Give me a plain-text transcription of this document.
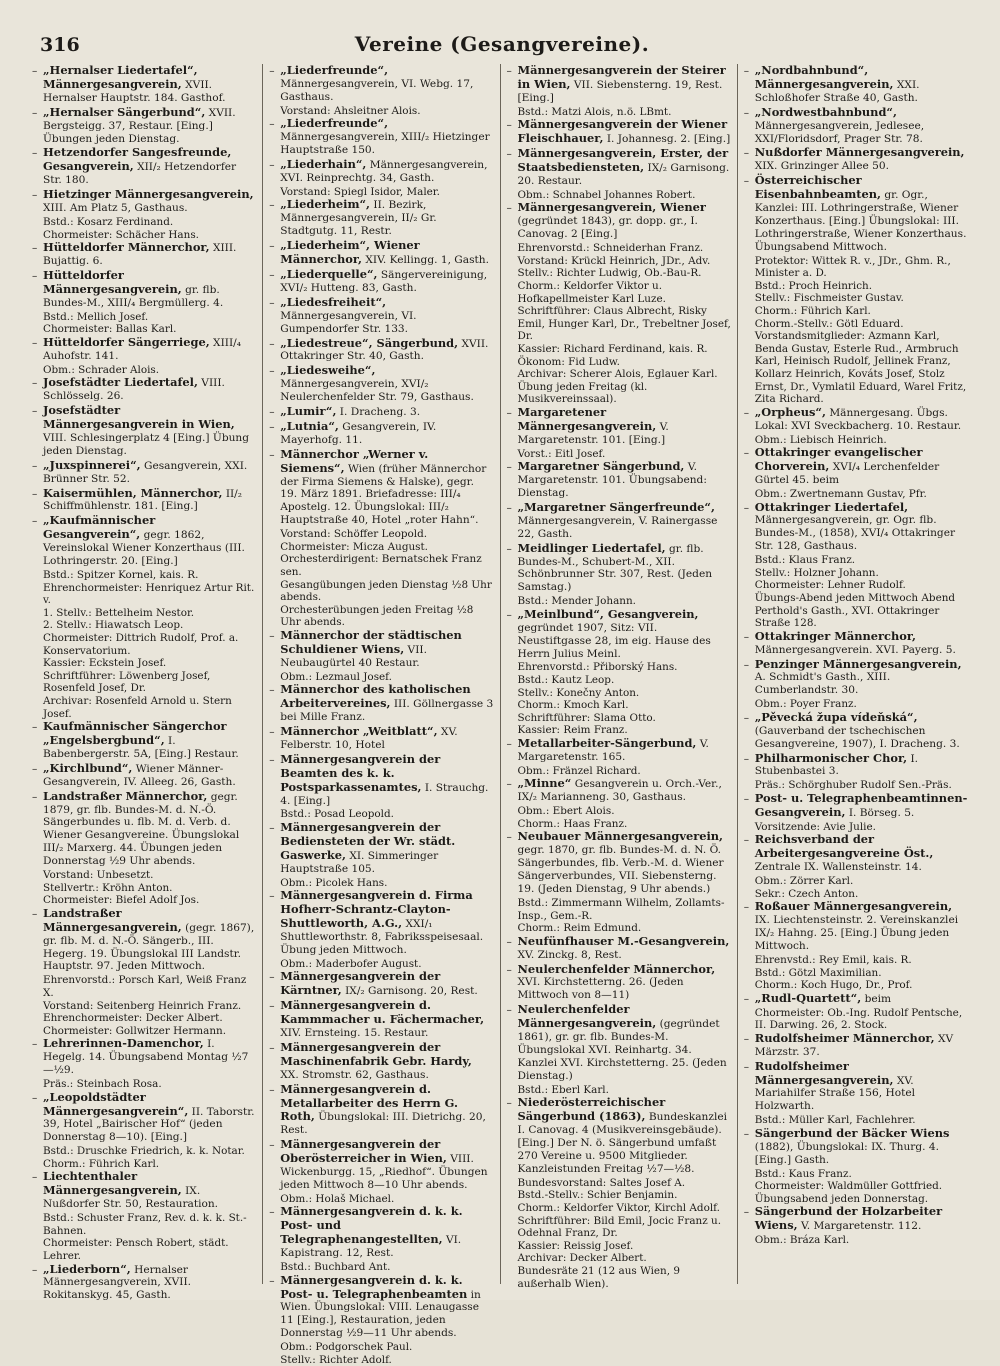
316	Vereine (Gesangvereine).
– „Hernalser Liedertafel“, Männergesangverein, XVII. Hernalser Hauptstr. 184. Gasthof.
– „Hernalser Sängerbund“, XVII. Bergsteigg. 37, Restaur. [Eing.] Übungen jeden Dienstag.
– Hetzendorfer Sangesfreunde, Gesangverein, XII/₂ Hetzendorfer Str. 180.
– Hietzinger Männergesangverein, XIII. Am Platz 5, Gasthaus.
Bstd.: Kosarz Ferdinand.
Chormeister: Schächer Hans.
– Hütteldorfer Männerchor, XIII. Bujattig. 6.
– Hütteldorfer Männergesangverein, gr. flb. Bundes-M., XIII/₄ Bergmüllerg. 4.
Bstd.: Mellich Josef.
Chormeister: Ballas Karl.
– Hütteldorfer Sängerriege, XIII/₄ Auhofstr. 141.
Obm.: Schrader Alois.
– Josefstädter Liedertafel, VIII. Schlösselg. 26.
– Josefstädter Männergesangverein in Wien, VIII. Schlesingerplatz 4 [Eing.] Übung jeden Dienstag.
– „Juxspinnerei“, Gesangverein, XXI. Brünner Str. 52.
– Kaisermühlen, Männerchor, II/₂ Schiffmühlenstr. 181. [Eing.]
– „Kaufmännischer Gesangverein“, gegr. 1862, Vereinslokal Wiener Konzerthaus (III. Lothringerstr. 20. [Eing.]
Bstd.: Spitzer Kornel, kais. R.
Ehrenchormeister: Henriquez Artur Rit. v.
1. Stellv.: Bettelheim Nestor.
2. Stellv.: Hiawatsch Leop.
Chormeister: Dittrich Rudolf, Prof. a. Konservatorium.
Kassier: Eckstein Josef.
Schriftführer: Löwenberg Josef, Rosenfeld Josef, Dr.
Archivar: Rosenfeld Arnold u. Stern Josef.
– Kaufmännischer Sängerchor „Engelsbergbund“, I. Babenbergerstr. 5A, [Eing.] Restaur.
– „Kirchlbund“, Wiener Männer-Gesangverein, IV. Alleeg. 26, Gasth.
– Landstraßer Männerchor, gegr. 1879, gr. flb. Bundes-M. d. N.-Ö. Sängerbundes u. flb. M. d. Verb. d. Wiener Gesangvereine. Übungslokal III/₂ Marxerg. 44. Übungen jeden Donnerstag ½9 Uhr abends.
Vorstand: Unbesetzt.
Stellvertr.: Kröhn Anton.
Chormeister: Biefel Adolf Jos.
– Landstraßer Männergesangverein, (gegr. 1867), gr. flb. M. d. N.-Ö. Sängerb., III. Hegerg. 19. Übungslokal III Landstr. Hauptstr. 97. Jeden Mittwoch.
Ehrenvorstd.: Porsch Karl, Weiß Franz X.
Vorstand: Seitenberg Heinrich Franz.
Ehrenchormeister: Decker Albert.
Chormeister: Gollwitzer Hermann.
– Lehrerinnen-Damenchor, I. Hegelg. 14. Übungsabend Montag ½7—½9.
Präs.: Steinbach Rosa.
– „Leopoldstädter Männergesangverein“, II. Taborstr. 39, Hotel „Bairischer Hof“ (jeden Donnerstag 8—10). [Eing.]
Bstd.: Druschke Friedrich, k. k. Notar.
Chorm.: Führich Karl.
– Liechtenthaler Männergesangverein, IX. Nußdorfer Str. 50, Restauration.
Bstd.: Schuster Franz, Rev. d. k. k. St.-Bahnen.
Chormeister: Pensch Robert, städt. Lehrer.
– „Liederborn“, Hernalser Männergesangverein, XVII. Rokitanskyg. 45, Gasth.
– „Liederfreunde“, Männergesangverein, VI. Webg. 17, Gasthaus.
Vorstand: Ahsleitner Alois.
– „Liederfreunde“, Männergesangverein, XIII/₂ Hietzinger Hauptstraße 150.
– „Liederhain“, Männergesangverein, XVI. Reinprechtg. 34, Gasth.
Vorstand: Spiegl Isidor, Maler.
– „Liederheim“, II. Bezirk, Männergesangverein, II/₂ Gr. Stadtgutg. 11, Restr.
– „Liederheim“, Wiener Männerchor, XIV. Kellingg. 1, Gasth.
– „Liederquelle“, Sängervereinigung, XVI/₂ Hutteng. 83, Gasth.
– „Liedesfreiheit“, Männergesangverein, VI. Gumpendorfer Str. 133.
– „Liedestreue“, Sängerbund, XVII. Ottakringer Str. 40, Gasth.
– „Liedesweihe“, Männergesangverein, XVI/₂ Neulerchenfelder Str. 79, Gasthaus.
– „Lumir“, I. Dracheng. 3.
– „Lutnia“, Gesangverein, IV. Mayerhofg. 11.
– Männerchor „Werner v. Siemens“, Wien (früher Männerchor der Firma Siemens & Halske), gegr. 19. März 1891. Briefadresse: III/₄ Apostelg. 12. Übungslokal: III/₂ Hauptstraße 40, Hotel „roter Hahn“.
Vorstand: Schöffer Leopold.
Chormeister: Micza August.
Orchesterdirigent: Bernatschek Franz sen.
Gesangübungen jeden Dienstag ½8 Uhr abends.
Orchesterübungen jeden Freitag ½8 Uhr abends.
– Männerchor der städtischen Schuldiener Wiens, VII. Neubaugürtel 40 Restaur.
Obm.: Lezmaul Josef.
– Männerchor des katholischen Arbeitervereines, III. Göllnergasse 3 bei Mille Franz.
– Männerchor „Weitblatt“, XV. Felberstr. 10, Hotel
– Männergesangverein der Beamten des k. k. Postsparkassenamtes, I. Strauchg. 4. [Eing.]
Bstd.: Posad Leopold.
– Männergesangverein der Bediensteten der Wr. städt. Gaswerke, XI. Simmeringer Hauptstraße 105.
Obm.: Picolek Hans.
– Männergesangverein d. Firma Hofherr-Schrantz-Clayton-Shuttleworth, A.G., XXI/₁ Shuttleworthstr. 8, Fabriksspeisesaal. Übung jeden Mittwoch.
Obm.: Maderbofer August.
– Männergesangverein der Kärntner, IX/₂ Garnisong. 20, Rest.
– Männergesangverein d. Kammmacher u. Fächermacher, XIV. Ernsteing. 15. Restaur.
– Männergesangverein der Maschinenfabrik Gebr. Hardy, XX. Stromstr. 62, Gasthaus.
– Männergesangverein d. Metallarbeiter des Herrn G. Roth, Übungslokal: III. Dietrichg. 20, Rest.
– Männergesangverein der Oberösterreicher in Wien, VIII. Wickenburgg. 15, „Riedhof“. Übungen jeden Mittwoch 8—10 Uhr abends.
Obm.: Holaš Michael.
– Männergesangverein d. k. k. Post- und Telegraphenangestellten, VI. Kapistrang. 12, Rest.
Bstd.: Buchbard Ant.
– Männergesangverein d. k. k. Post- u. Telegraphenbeamten in Wien. Übungslokal: VIII. Lenaugasse 11 [Eing.], Restauration, jeden Donnerstag ½9—11 Uhr abends.
Obm.: Podgorschek Paul.
Stellv.: Richter Adolf.
– Männergesangverein der Steirer in Wien, VII. Siebensterng. 19, Rest. [Eing.]
Bstd.: Matzi Alois, n.ö. LBmt.
– Männergesangverein der Wiener Fleischhauer, I. Johannesg. 2. [Eing.]
– Männergesangverein, Erster, der Staatsbediensteten, IX/₂ Garnisong. 20. Restaur.
Obm.: Schnabel Johannes Robert.
– Männergesangverein, Wiener (gegründet 1843), gr. dopp. gr., I. Canovag. 2 [Eing.]
Ehrenvorstd.: Schneiderhan Franz.
Vorstand: Krückl Heinrich, JDr., Adv.
Stellv.: Richter Ludwig, Ob.-Bau-R.
Chorm.: Keldorfer Viktor u. Hofkapellmeister Karl Luze.
Schriftführer: Claus Albrecht, Risky Emil, Hunger Karl, Dr., Trebeltner Josef, Dr.
Kassier: Richard Ferdinand, kais. R.
Ökonom: Fid Ludw.
Archivar: Scherer Alois, Eglauer Karl. Übung jeden Freitag (kl. Musikvereinssaal).
– Margaretener Männergesangverein, V. Margaretenstr. 101. [Eing.]
Vorst.: Eitl Josef.
– Margaretner Sängerbund, V. Margaretenstr. 101. Übungsabend: Dienstag.
– „Margaretner Sängerfreunde“, Männergesangverein, V. Rainergasse 22, Gasth.
– Meidlinger Liedertafel, gr. flb. Bundes-M., Schubert-M., XII. Schönbrunner Str. 307, Rest. (Jeden Samstag.)
Bstd.: Mender Johann.
– „Meinlbund“, Gesangverein, gegründet 1907, Sitz: VII. Neustiftgasse 28, im eig. Hause des Herrn Julius Meinl.
Ehrenvorstd.: Přiborský Hans.
Bstd.: Kautz Leop.
Stellv.: Konečny Anton.
Chorm.: Kmoch Karl.
Schriftführer: Slama Otto.
Kassier: Reim Franz.
– Metallarbeiter-Sängerbund, V. Margaretenstr. 165.
Obm.: Fränzel Richard.
– „Minne“ Gesangverein u. Orch.-Ver., IX/₂ Marianneng. 30, Gasthaus.
Obm.: Ebert Alois.
Chorm.: Haas Franz.
– Neubauer Männergesangverein, gegr. 1870, gr. flb. Bundes-M. d. N. Ö. Sängerbundes, flb. Verb.-M. d. Wiener Sängerverbundes, VII. Siebensterng. 19. (Jeden Dienstag, 9 Uhr abends.)
Bstd.: Zimmermann Wilhelm, Zollamts-Insp., Gem.-R.
Chorm.: Reim Edmund.
– Neufünfhauser M.-Gesangverein, XV. Zinckg. 8, Rest.
– Neulerchenfelder Männerchor, XVI. Kirchstetterng. 26. (Jeden Mittwoch von 8—11)
– Neulerchenfelder Männergesangverein, (gegründet 1861), gr. gr. flb. Bundes-M. Übungslokal XVI. Reinhartg. 34. Kanzlei XVI. Kirchstetterng. 25. (Jeden Dienstag.)
Bstd.: Eberl Karl.
– Niederösterreichischer Sängerbund (1863), Bundeskanzlei I. Canovag. 4 (Musikvereinsgebäude). [Eing.] Der N. ö. Sängerbund umfaßt 270 Vereine u. 9500 Mitglieder. Kanzleistunden Freitag ½7—½8.
Bundesvorstand: Saltes Josef A.
Bstd.-Stellv.: Schier Benjamin.
Chorm.: Keldorfer Viktor, Kirchl Adolf.
Schriftführer: Bild Emil, Jocic Franz u. Odehnal Franz, Dr.
Kassier: Reissig Josef.
Archivar: Decker Albert.
Bundesräte 21 (12 aus Wien, 9 außerhalb Wien).
– „Nordbahnbund“, Männergesangverein, XXI. Schloßhofer Straße 40, Gasth.
– „Nordwestbahnbund“, Männergesangverein, Jedlesee, XXI/Floridsdorf, Prager Str. 78.
– Nußdorfer Männergesangverein, XIX. Grinzinger Allee 50.
– Österreichischer Eisenbahnbeamten, gr. Ogr., Kanzlei: III. Lothringerstraße, Wiener Konzerthaus. [Eing.] Übungslokal: III. Lothringerstraße, Wiener Konzerthaus. Übungsabend Mittwoch.
Protektor: Wittek R. v., JDr., Ghm. R., Minister a. D.
Bstd.: Proch Heinrich.
Stellv.: Fischmeister Gustav.
Chorm.: Führich Karl.
Chorm.-Stellv.: Götl Eduard.
Vorstandsmitglieder: Azmann Karl, Benda Gustav, Esterle Rud., Armbruch Karl, Heinisch Rudolf, Jellinek Franz, Kollarz Heinrich, Kováts Josef, Stolz Ernst, Dr., Vymlatil Eduard, Warel Fritz, Zita Richard.
– „Orpheus“, Männergesang. Übgs. Lokal: XVI Sveckbacherg. 10. Restaur.
Obm.: Liebisch Heinrich.
– Ottakringer evangelischer Chorverein, XVI/₄ Lerchenfelder Gürtel 45. beim
Obm.: Zwertnemann Gustav, Pfr.
– Ottakringer Liedertafel, Männergesangverein, gr. Ogr. flb. Bundes-M., (1858), XVI/₄ Ottakringer Str. 128, Gasthaus.
Bstd.: Klaus Franz.
Stellv.: Holzner Johann.
Chormeister: Lehner Rudolf.
Übungs-Abend jeden Mittwoch Abend Perthold's Gasth., XVI. Ottakringer Straße 128.
– Ottakringer Männerchor, Männergesangverein. XVI. Payerg. 5.
– Penzinger Männergesangverein, A. Schmidt's Gasth., XIII. Cumberlandstr. 30.
Obm.: Poyer Franz.
– „Pěvecká župa vídeňská“, (Gauverband der tschechischen Gesangvereine, 1907), I. Dracheng. 3.
– Philharmonischer Chor, I. Stubenbastei 3.
Präs.: Schörghuber Rudolf Sen.-Präs.
– Post- u. Telegraphenbeamtinnen-Gesangverein, I. Börseg. 5.
Vorsitzende: Avie Julie.
– Reichsverband der Arbeitergesangvereine Öst., Zentrale IX. Wallensteinstr. 14.
Obm.: Zörrer Karl.
Sekr.: Czech Anton.
– Roßauer Männergesangverein, IX. Liechtensteinstr. 2. Vereinskanzlei IX/₂ Hahng. 25. [Eing.] Übung jeden Mittwoch.
Ehrenvstd.: Rey Emil, kais. R.
Bstd.: Götzl Maximilian.
Chorm.: Koch Hugo, Dr., Prof.
– „Rudl-Quartett“, beim
Chormeister: Ob.-Ing. Rudolf Pentsche, II. Darwing. 26, 2. Stock.
– Rudolfsheimer Männerchor, XV Märzstr. 37.
– Rudolfsheimer Männergesangverein, XV. Mariahilfer Straße 156, Hotel Holzwarth.
Bstd.: Müller Karl, Fachlehrer.
– Sängerbund der Bäcker Wiens (1882), Übungslokal: IX. Thurg. 4. [Eing.] Gasth.
Bstd.: Kaus Franz.
Chormeister: Waldmüller Gottfried. Übungsabend jeden Donnerstag.
– Sängerbund der Holzarbeiter Wiens, V. Margaretenstr. 112.
Obm.: Bráza Karl.
